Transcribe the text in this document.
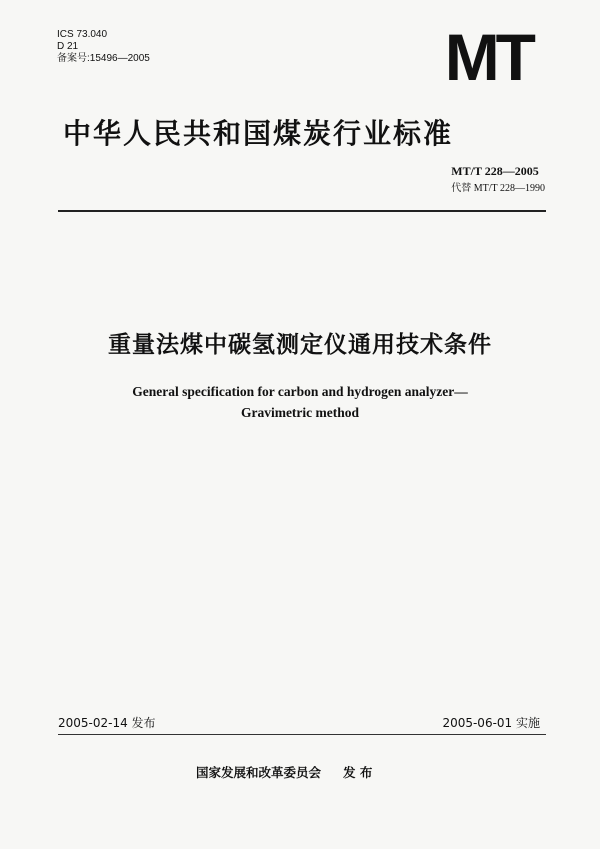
ICS 73.040
D 21
备案号:15496—2005	MT
中华人民共和国煤炭行业标准
MT/T 228—2005
代替 MT/T 228—1990
重量法煤中碳氢测定仪通用技术条件
General specification for carbon and hydrogen analyzer—
Gravimetric method
2005-02-14 发布	2005-06-01 实施
国家发展和改革委员会 发 布
